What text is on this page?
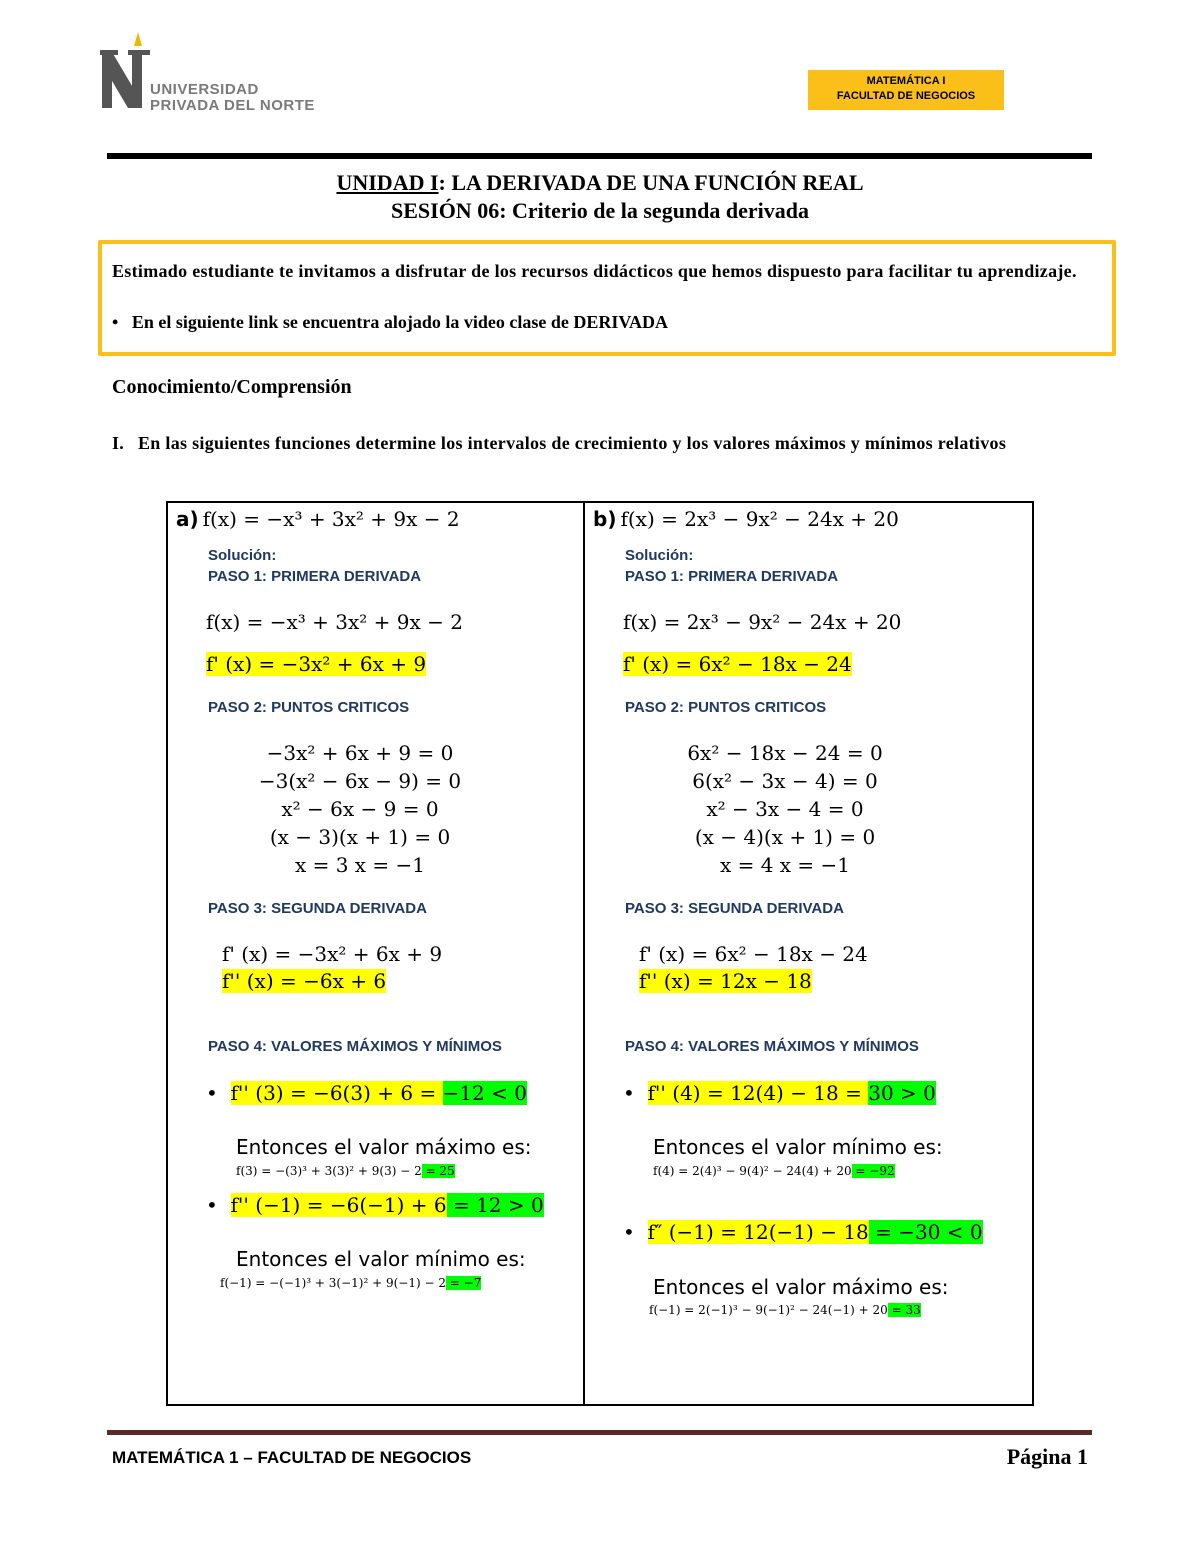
UNIVERSIDAD
PRIVADA DEL NORTE
MATEMÁTICA I
FACULTAD DE NEGOCIOS
UNIDAD I: LA DERIVADA DE UNA FUNCIÓN REAL
SESIÓN 06: Criterio de la segunda derivada
Estimado estudiante te invitamos a disfrutar de los recursos didácticos que hemos dispuesto para facilitar tu aprendizaje.
•   En el siguiente link se encuentra alojado la video clase de DERIVADA
Conocimiento/Comprensión
I. En las siguientes funciones determine los intervalos de crecimiento y los valores máximos y mínimos relativos
a) f(x) = −x³ + 3x² + 9x − 2
Solución:
PASO 1: PRIMERA DERIVADA
f(x) = −x³ + 3x² + 9x − 2
f' (x) = −3x² + 6x + 9
PASO 2: PUNTOS CRITICOS
−3x² + 6x + 9 = 0
−3(x² − 6x − 9) = 0
x² − 6x − 9 = 0
(x − 3)(x + 1) = 0
x = 3 x = −1
PASO 3: SEGUNDA DERIVADA
f' (x) = −3x² + 6x + 9
f'' (x) = −6x + 6
PASO 4: VALORES MÁXIMOS Y MÍNIMOS
•  f'' (3) = −6(3) + 6 = −12 < 0
Entonces el valor máximo es:
f(3) = −(3)³ + 3(3)² + 9(3) − 2 = 25
•  f'' (−1) = −6(−1) + 6 = 12 > 0
Entonces el valor mínimo es:
f(−1) = −(−1)³ + 3(−1)² + 9(−1) − 2 = −7
b) f(x) = 2x³ − 9x² − 24x + 20
Solución:
PASO 1: PRIMERA DERIVADA
f(x) = 2x³ − 9x² − 24x + 20
f' (x) = 6x² − 18x − 24
PASO 2: PUNTOS CRITICOS
6x² − 18x − 24 = 0
6(x² − 3x − 4) = 0
x² − 3x − 4 = 0
(x − 4)(x + 1) = 0
x = 4 x = −1
PASO 3: SEGUNDA DERIVADA
f' (x) = 6x² − 18x − 24
f'' (x) = 12x − 18
PASO 4: VALORES MÁXIMOS Y MÍNIMOS
•  f'' (4) = 12(4) − 18 = 30 > 0
Entonces el valor mínimo es:
f(4) = 2(4)³ − 9(4)² − 24(4) + 20 = −92
•  f″ (−1) = 12(−1) − 18 = −30 < 0
Entonces el valor máximo es:
f(−1) = 2(−1)³ − 9(−1)² − 24(−1) + 20 = 33
MATEMÁTICA 1 – FACULTAD DE NEGOCIOS	Página 1
